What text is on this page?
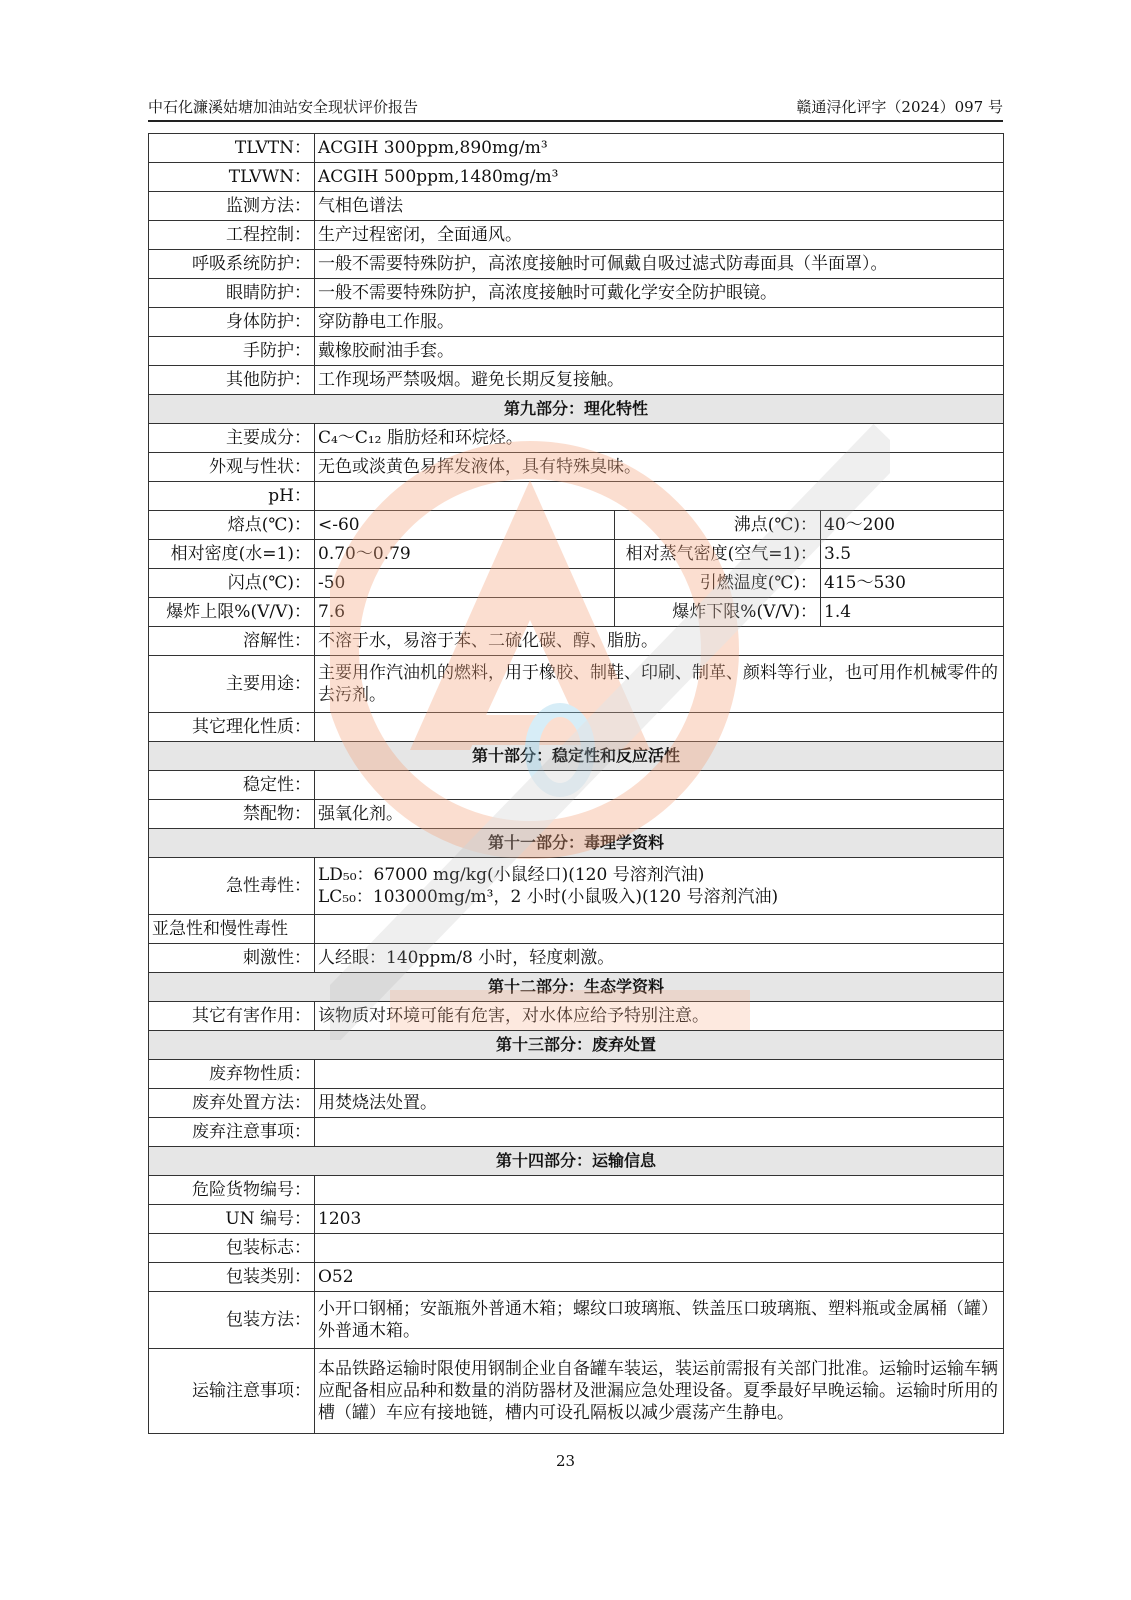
中石化濂溪姑塘加油站安全现状评价报告	赣通浔化评字（2024）097 号
TLVTN：	ACGIH 300ppm,890mg/m³		
TLVWN：	ACGIH 500ppm,1480mg/m³		
监测方法：	气相色谱法		
工程控制：	生产过程密闭，全面通风。		
呼吸系统防护：	一般不需要特殊防护，高浓度接触时可佩戴自吸过滤式防毒面具（半面罩）。		
眼睛防护：	一般不需要特殊防护，高浓度接触时可戴化学安全防护眼镜。		
身体防护：	穿防静电工作服。		
手防护：	戴橡胶耐油手套。		
其他防护：	工作现场严禁吸烟。避免长期反复接触。		
第九部分：理化特性			
主要成分：	C₄～C₁₂ 脂肪烃和环烷烃。		
外观与性状：	无色或淡黄色易挥发液体，具有特殊臭味。		
pH：			
熔点(℃)：	<-60	沸点(℃)：	40～200
相对密度(水=1)：	0.70～0.79	相对蒸气密度(空气=1)：	3.5
闪点(℃)：	-50	引燃温度(℃)：	415～530
爆炸上限%(V/V)：	7.6	爆炸下限%(V/V)：	1.4
溶解性：	不溶于水，易溶于苯、二硫化碳、醇、脂肪。		
主要用途：	主要用作汽油机的燃料，用于橡胶、制鞋、印刷、制革、颜料等行业，也可用作机械零件的去污剂。		
其它理化性质：			
第十部分：稳定性和反应活性			
稳定性：			
禁配物：	强氧化剂。		
第十一部分：毒理学资料			
急性毒性：	LD₅₀：67000 mg/kg(小鼠经口)(120 号溶剂汽油)
LC₅₀：103000mg/m³，2 小时(小鼠吸入)(120 号溶剂汽油)		

亚急性和慢性毒性			
刺激性：	人经眼：140ppm/8 小时，轻度刺激。		
第十二部分：生态学资料			
其它有害作用：	该物质对环境可能有危害，对水体应给予特别注意。		
第十三部分：废弃处置			
废弃物性质：			
废弃处置方法：	用焚烧法处置。		
废弃注意事项：			
第十四部分：运输信息			
危险货物编号：			
UN 编号：	1203		
包装标志：			
包装类别：	O52		
包装方法：	小开口钢桶；安瓿瓶外普通木箱；螺纹口玻璃瓶、铁盖压口玻璃瓶、塑料瓶或金属桶（罐）外普通木箱。		
运输注意事项：	本品铁路运输时限使用钢制企业自备罐车装运，装运前需报有关部门批准。运输时运输车辆应配备相应品种和数量的消防器材及泄漏应急处理设备。夏季最好早晚运输。运输时所用的槽（罐）车应有接地链，槽内可设孔隔板以减少震荡产生静电。		
23
